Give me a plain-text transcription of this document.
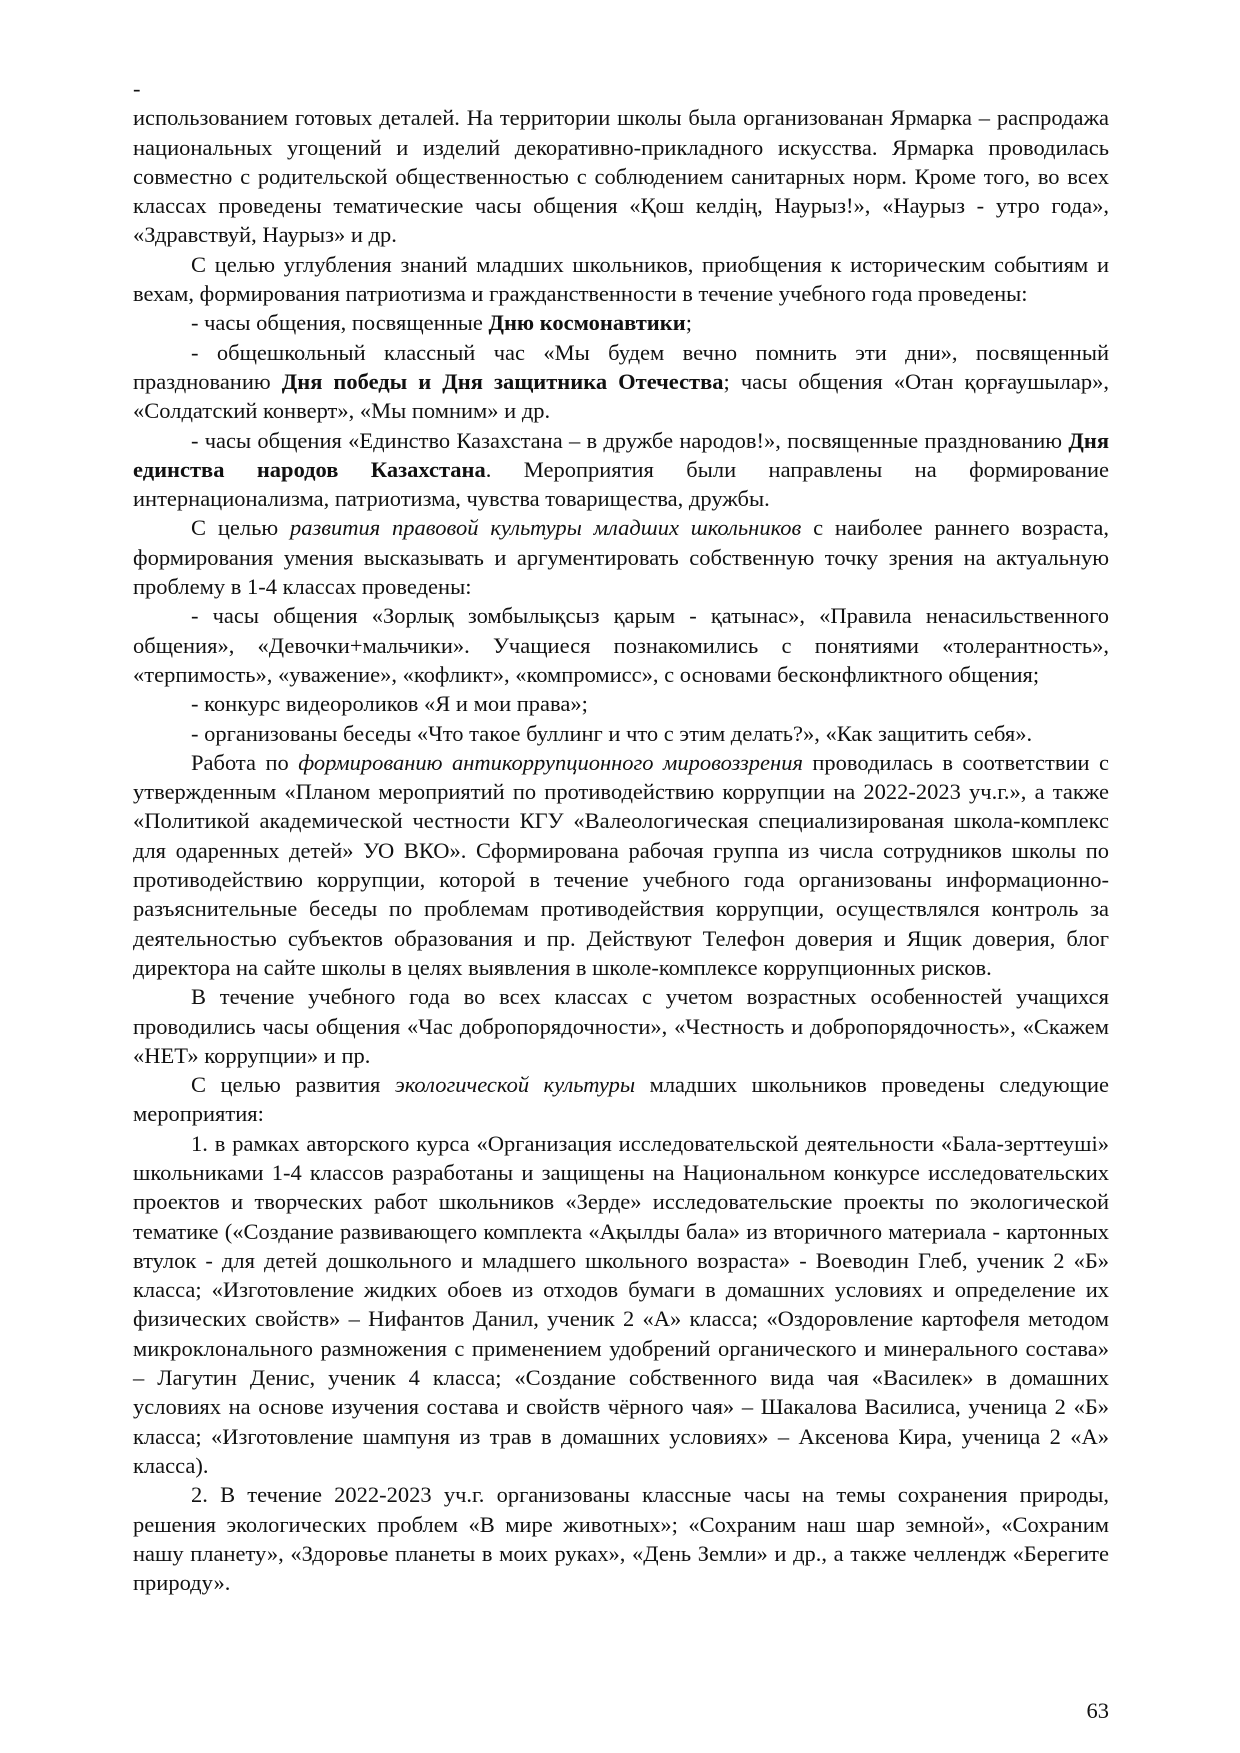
-

использованием готовых деталей. На территории школы была организованан Ярмарка – распродажа национальных угощений и изделий декоративно-прикладного искусства. Ярмарка проводилась совместно с родительской общественностью с соблюдением санитарных норм. Кроме того, во всех классах проведены тематические часы общения «Қош келдің, Наурыз!», «Наурыз - утро года», «Здравствуй, Наурыз» и др.

С целью углубления знаний младших школьников, приобщения к историческим событиям и вехам, формирования патриотизма и гражданственности в течение учебного года проведены:

- часы общения, посвященные Дню космонавтики;

- общешкольный классный час «Мы будем вечно помнить эти дни», посвященный празднованию Дня победы и Дня защитника Отечества; часы общения «Отан қорғаушылар», «Солдатский конверт», «Мы помним» и др.

- часы общения «Единство Казахстана – в дружбе народов!», посвященные празднованию Дня единства народов Казахстана. Мероприятия были направлены на формирование интернационализма, патриотизма, чувства товарищества, дружбы.

С целью развития правовой культуры младших школьников с наиболее раннего возраста, формирования умения высказывать и аргументировать собственную точку зрения на актуальную проблему в 1-4 классах проведены:

- часы общения «Зорлық зомбылықсыз қарым - қатынас», «Правила ненасильственного общения», «Девочки+мальчики». Учащиеся познакомились с понятиями «толерантность», «терпимость», «уважение», «кофликт», «компромисс», с основами бесконфликтного общения;

- конкурс видеороликов «Я и мои права»;

- организованы беседы «Что такое буллинг и что с этим делать?», «Как защитить себя».

Работа по формированию антикоррупционного мировоззрения проводилась в соответствии с утвержденным «Планом мероприятий по противодействию коррупции на 2022-2023 уч.г.», а также «Политикой академической честности КГУ «Валеологическая специализированая школа-комплекс для одаренных детей» УО ВКО». Сформирована рабочая группа из числа сотрудников школы по противодействию коррупции, которой в течение учебного года организованы информационно-разъяснительные беседы по проблемам противодействия коррупции, осуществлялся контроль за деятельностью субъектов образования и пр. Действуют Телефон доверия и Ящик доверия, блог директора на сайте школы в целях выявления в школе-комплексе коррупционных рисков.

В течение учебного года во всех классах с учетом возрастных особенностей учащихся проводились часы общения «Час добропорядочности», «Честность и добропорядочность», «Скажем «НЕТ» коррупции» и пр.

С целью развития экологической культуры младших школьников проведены следующие мероприятия:

1. в рамках авторского курса «Организация исследовательской деятельности «Бала-зерттеуші» школьниками 1-4 классов разработаны и защищены на Национальном конкурсе исследовательских проектов и творческих работ школьников «Зерде» исследовательские проекты по экологической тематике («Создание развивающего комплекта «Ақылды бала» из вторичного материала - картонных втулок - для детей дошкольного и младшего школьного возраста» - Воеводин Глеб, ученик 2 «Б» класса; «Изготовление жидких обоев из отходов бумаги в домашних условиях и определение их физических свойств» – Нифантов Данил, ученик 2 «А» класса; «Оздоровление картофеля методом микроклонального размножения с применением удобрений органического и минерального состава» – Лагутин Денис, ученик 4 класса; «Создание собственного вида чая «Василек» в домашних условиях на основе изучения состава и свойств чёрного чая» – Шакалова Василиса, ученица 2 «Б» класса; «Изготовление шампуня из трав в домашних условиях» – Аксенова Кира, ученица 2 «А» класса).

2. В течение 2022-2023 уч.г. организованы классные часы на темы сохранения природы, решения экологических проблем «В мире животных»; «Сохраним наш шар земной», «Сохраним нашу планету», «Здоровье планеты в моих руках», «День Земли» и др., а также челлендж «Берегите природу».

63
